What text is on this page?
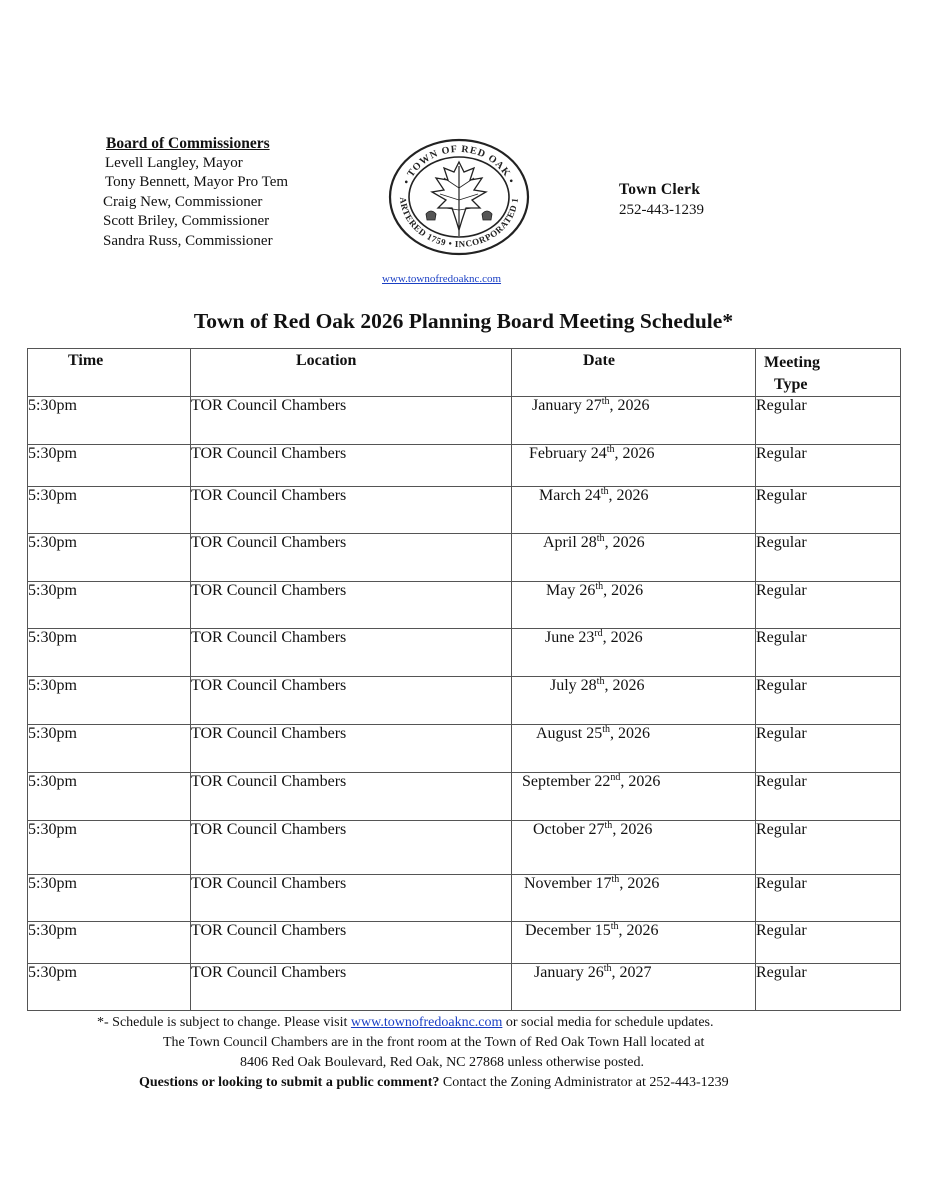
Board of Commissioners
Levell Langley, Mayor
Tony Bennett, Mayor Pro Tem
Craig New, Commissioner
Scott Briley, Commissioner
Sandra Russ, Commissioner
• TOWN OF RED OAK •
ARTERED 1759 • INCORPORATED 1
Town Clerk
252-443-1239
www.townofredoaknc.com
Town of Red Oak 2026 Planning Board Meeting Schedule*
Time	Location	Date	Meeting
Type

5:30pm	TOR Council Chambers	January 27th, 2026	Regular
5:30pm	TOR Council Chambers	February 24th, 2026	Regular
5:30pm	TOR Council Chambers	March 24th, 2026	Regular
5:30pm	TOR Council Chambers	April 28th, 2026	Regular
5:30pm	TOR Council Chambers	May 26th, 2026	Regular
5:30pm	TOR Council Chambers	June 23rd, 2026	Regular
5:30pm	TOR Council Chambers	July 28th, 2026	Regular
5:30pm	TOR Council Chambers	August 25th, 2026	Regular
5:30pm	TOR Council Chambers	September 22nd, 2026	Regular
5:30pm	TOR Council Chambers	October 27th, 2026	Regular
5:30pm	TOR Council Chambers	November 17th, 2026	Regular
5:30pm	TOR Council Chambers	December 15th, 2026	Regular
5:30pm	TOR Council Chambers	January 26th, 2027	Regular
*- Schedule is subject to change. Please visit www.townofredoaknc.com or social media for schedule updates.
The Town Council Chambers are in the front room at the Town of Red Oak Town Hall located at
8406 Red Oak Boulevard, Red Oak, NC 27868 unless otherwise posted.
Questions or looking to submit a public comment? Contact the Zoning Administrator at 252-443-1239
